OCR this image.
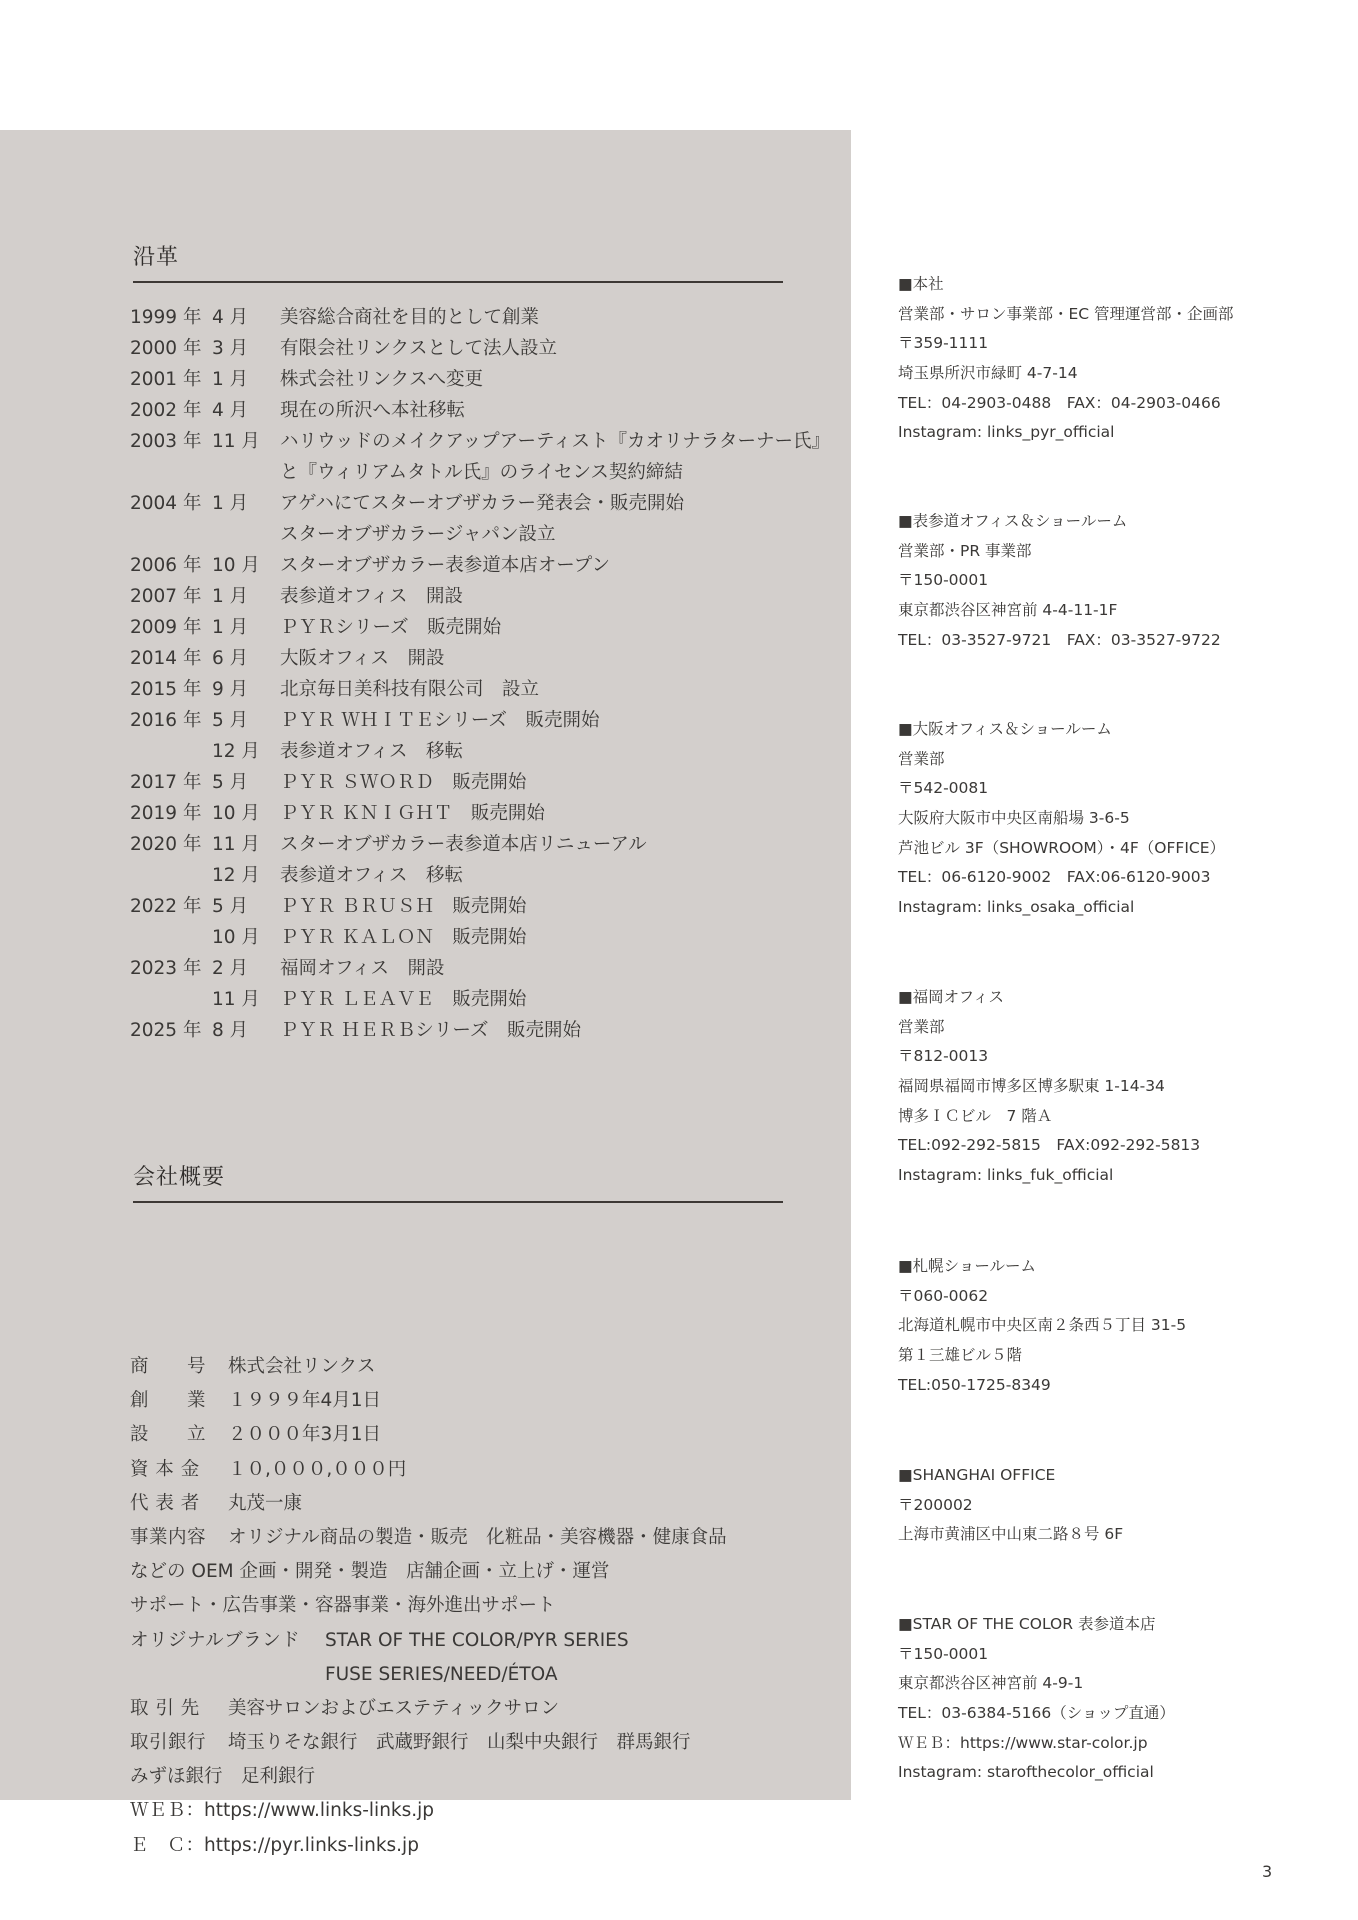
沿革
1999 年 4 月	美容総合商社を目的として創業
2000 年 3 月	有限会社リンクスとして法人設立
2001 年 1 月	株式会社リンクスへ変更
2002 年 4 月	現在の所沢へ本社移転
2003 年 11 月	ハリウッドのメイクアップアーティスト『カオリナラターナー氏』
と『ウィリアムタトル氏』のライセンス契約締結
2004 年 1 月	アゲハにてスターオブザカラー発表会・販売開始
スターオブザカラージャパン設立
2006 年 10 月	スターオブザカラー表参道本店オープン
2007 年 1 月	表参道オフィス　開設
2009 年 1 月	ＰＹＲシリーズ　販売開始
2014 年 6 月	大阪オフィス　開設
2015 年 9 月	北京毎日美科技有限公司　設立
2016 年 5 月	ＰＹＲ ＷＨＩＴＥシリーズ　販売開始
12 月	表参道オフィス　移転
2017 年 5 月	ＰＹＲ ＳＷＯＲＤ　販売開始
2019 年 10 月	ＰＹＲ ＫＮＩＧＨＴ　販売開始
2020 年 11 月	スターオブザカラー表参道本店リニューアル
12 月	表参道オフィス　移転
2022 年 5 月	ＰＹＲ ＢＲＵＳＨ　販売開始
10 月	ＰＹＲ ＫＡＬＯＮ　販売開始
2023 年 2 月	福岡オフィス　開設
11 月	ＰＹＲ ＬＥＡＶＥ　販売開始
2025 年 8 月	ＰＹＲ ＨＥＲＢシリーズ　販売開始
会社概要
商　　号	株式会社リンクス
創　　業	１９９９年4月1日
設　　立	２０００年3月1日
資 本 金	１０,０００,０００円
代 表 者	丸茂一康
事業内容	オリジナル商品の製造・販売　化粧品・美容機器・健康食品
などの OEM 企画・開発・製造　店舗企画・立上げ・運営
サポート・広告事業・容器事業・海外進出サポート
オリジナルブランド	STAR OF THE COLOR/PYR SERIES
FUSE SERIES/NEED/ÉTOA
取 引 先	美容サロンおよびエステティックサロン
取引銀行	埼玉りそな銀行　武蔵野銀行　山梨中央銀行　群馬銀行
みずほ銀行　足利銀行
ＷＥＢ：https://www.links-links.jp
Ｅ　Ｃ：https://pyr.links-links.jp
■本社
営業部・サロン事業部・EC 管理運営部・企画部
〒359-1111
埼玉県所沢市緑町 4-7-14
TEL：04-2903-0488　FAX：04-2903-0466
Instagram: links_pyr_official
■表参道オフィス＆ショールーム
営業部・PR 事業部
〒150-0001
東京都渋谷区神宮前 4-4-11-1F
TEL：03-3527-9721　FAX：03-3527-9722
■大阪オフィス＆ショールーム
営業部
〒542-0081
大阪府大阪市中央区南船場 3-6-5
芦池ビル 3F（SHOWROOM）・4F（OFFICE）
TEL：06-6120-9002　FAX:06-6120-9003
Instagram: links_osaka_official
■福岡オフィス
営業部
〒812-0013
福岡県福岡市博多区博多駅東 1-14-34
博多ＩＣビル　7 階Ａ
TEL:092-292-5815　FAX:092-292-5813
Instagram: links_fuk_official
■札幌ショールーム
〒060-0062
北海道札幌市中央区南２条西５丁目 31-5
第１三雄ビル５階
TEL:050-1725-8349
■SHANGHAI OFFICE
〒200002
上海市黄浦区中山東二路８号 6F
■STAR OF THE COLOR 表参道本店
〒150-0001
東京都渋谷区神宮前 4-9-1
TEL：03-6384-5166（ショップ直通）
ＷＥＢ：https://www.star-color.jp
Instagram: starofthecolor_official
3
